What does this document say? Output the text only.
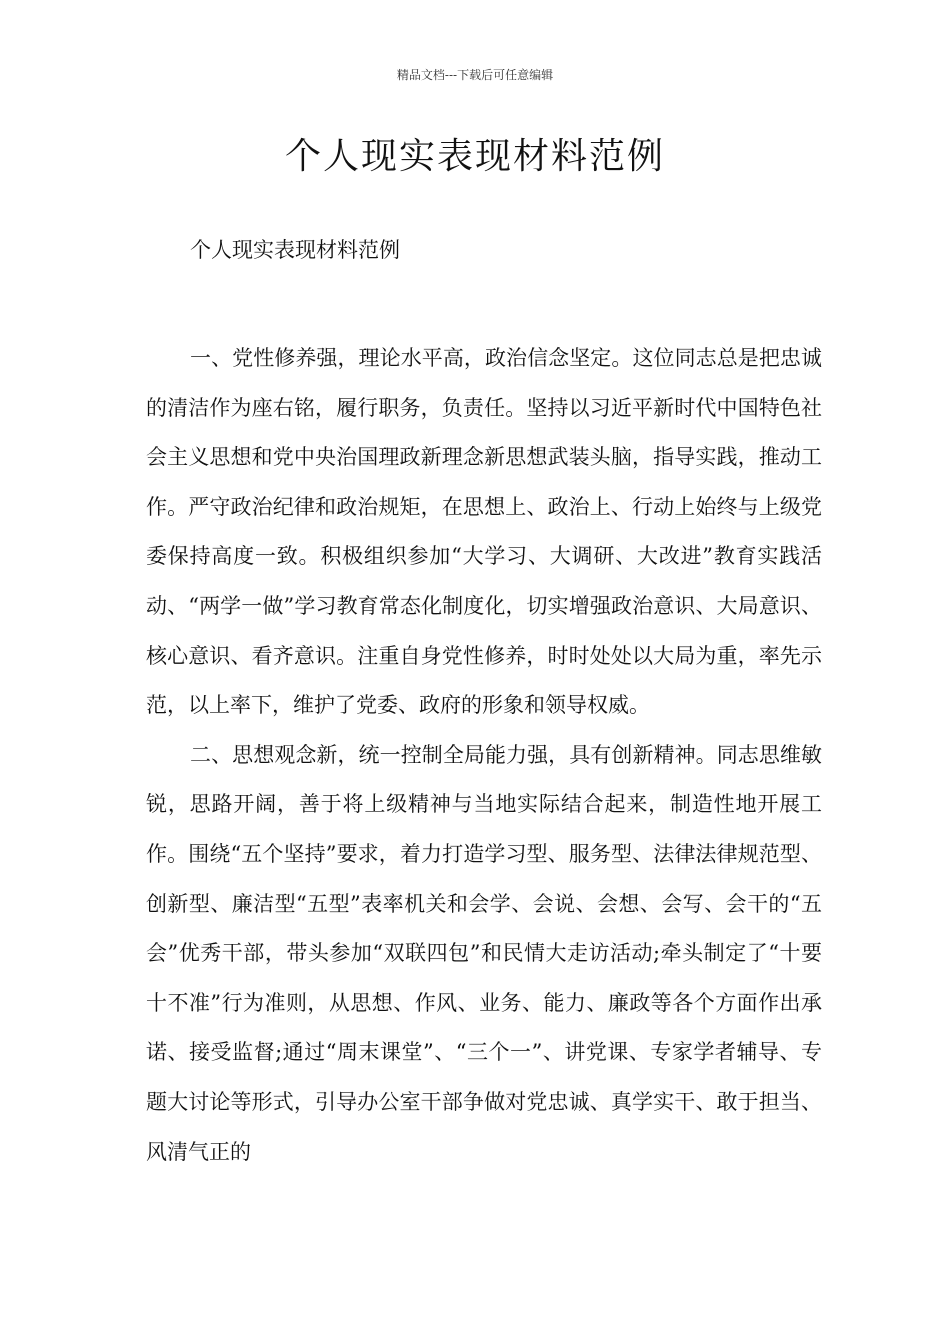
精品文档---下载后可任意编辑
个人现实表现材料范例
个人现实表现材料范例

一、党性修养强，理论水平高，政治信念坚定。这位同志总是把忠诚的清洁作为座右铭，履行职务，负责任。坚持以习近平新时代中国特色社会主义思想和党中央治国理政新理念新思想武装头脑，指导实践，推动工作。严守政治纪律和政治规矩，在思想上、政治上、行动上始终与上级党委保持高度一致。积极组织参加“大学习、大调研、大改进”教育实践活动、“两学一做”学习教育常态化制度化，切实增强政治意识、大局意识、核心意识、看齐意识。注重自身党性修养，时时处处以大局为重，率先示范，以上率下，维护了党委、政府的形象和领导权威。

二、思想观念新，统一控制全局能力强，具有创新精神。同志思维敏锐，思路开阔，善于将上级精神与当地实际结合起来，制造性地开展工作。围绕“五个坚持”要求，着力打造学习型、服务型、法律法律规范型、创新型、廉洁型“五型”表率机关和会学、会说、会想、会写、会干的“五会”优秀干部，带头参加“双联四包”和民情大走访活动;牵头制定了“十要十不准”行为准则，从思想、作风、业务、能力、廉政等各个方面作出承诺、接受监督;通过“周末课堂”、“三个一”、讲党课、专家学者辅导、专题大讨论等形式，引导办公室干部争做对党忠诚、真学实干、敢于担当、风清气正的
